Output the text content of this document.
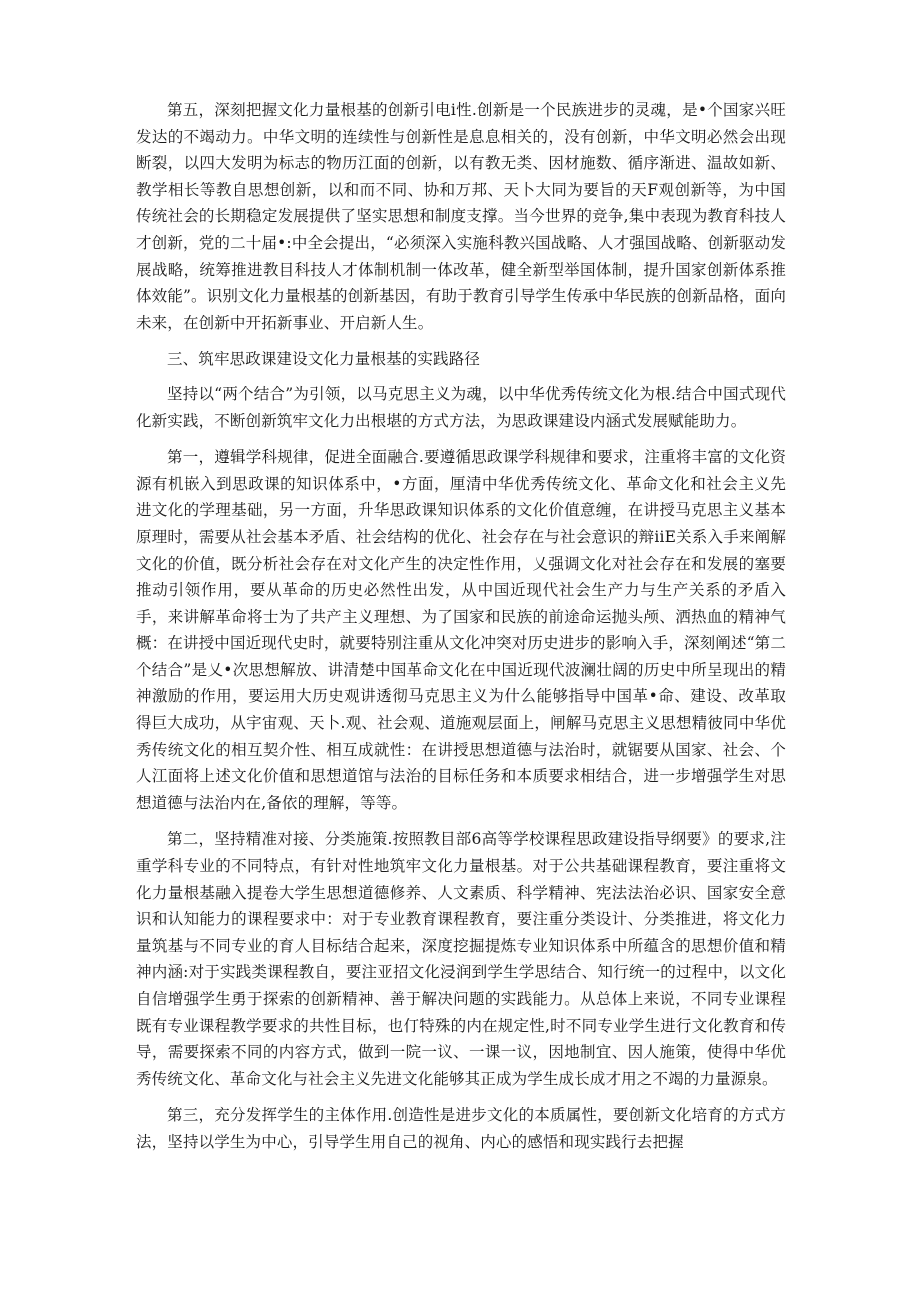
第五，深刻把握文化力量根基的创新引电i性.创新是一个民族进步的灵魂，是•个国家兴旺发达的不竭动力。中华文明的连续性与创新性是息息相关的，没有创新，中华文明必然会出现断裂，以四大发明为标志的物历江面的创新，以有教无类、因材施数、循序渐进、温故如新、教学相长等教自思想创新，以和而不同、协和万邦、天卜大同为要旨的天F观创新等，为中国传统社会的长期稳定发展提供了坚实思想和制度支撑。当今世界的竞争,集中表现为教育科技人才创新，党的二十届•:中全会提出，“必须深入实施科教兴国战略、人才强国战略、创新驱动发展战略，统筹推进教目科技人才体制机制一体改革，健全新型举国体制，提升国家创新体系推体效能”。识别文化力量根基的创新基因，有助于教育引导学生传承中华民族的创新品格，面向未来，在创新中开拓新事业、开启新人生。

三、筑牢思政课建设文化力量根基的实践路径

坚持以“两个结合”为引领，以马克思主义为魂，以中华优秀传统文化为根.结合中国式现代化新实践，不断创新筑牢文化力出根堪的方式方法，为思政课建设内涵式发展赋能助力。

第一，遵辑学科规律，促进全面融合.要遵循思政课学科规律和要求，注重将丰富的文化资源有机嵌入到思政课的知识体系中，•方面，厘清中华优秀传统文化、革命文化和社会主义先进文化的学理基础，另一方面，升华思政课知识体系的文化价值意缠，在讲授马克思主义基本原理时，需要从社会基本矛盾、社会结构的优化、社会存在与社会意识的辩iiE关系入手来阐解文化的价值，既分析社会存在对文化产生的决定性作用，乂强调文化对社会存在和发展的塞要推动引领作用，要从革命的历史必然性出发，从中国近现代社会生产力与生产关系的矛盾入手，来讲解革命将士为了共产主义理想、为了国家和民族的前途命运抛头颅、洒热血的精神气概：在讲授中国近现代史时，就要特别注重从文化冲突对历史进步的影响入手，深刻阐述“第二个结合”是乂•次思想解放、讲清楚中国革命文化在中国近现代波澜壮阔的历史中所呈现出的精神激励的作用，要运用大历史观讲透彻马克思主义为什么能够指导中国革•命、建设、改革取得巨大成功，从宇宙观、天卜.观、社会观、道施观层面上，闸解马克思主义思想精彼同中华优秀传统文化的相互契介性、相互成就性：在讲授思想道德与法治时，就锯要从国家、社会、个人江面将上述文化价值和思想道馆与法治的目标任务和本质要求相结合，进一步增强学生对思想道德与法治内在,备依的理解，等等。

第二，坚持精准对接、分类施策.按照教目部6高等学校课程思政建设指导纲要》的要求,注重学科专业的不同特点，有针对性地筑牢文化力量根基。对于公共基础课程教育，要注重将文化力量根基融入提卷大学生思想道德修养、人文素质、科学精神、宪法法治必识、国家安全意识和认知能力的课程要求中：对于专业教育课程教育，要注重分类设计、分类推进，将文化力量筑基与不同专业的育人目标结合起来，深度挖掘提炼专业知识体系中所蕴含的思想价值和精神内涵:对于实践类课程教自，要注亚招文化浸润到学生学思结合、知行统一的过程中，以文化自信增强学生勇于探索的创新精神、善于解决问题的实践能力。从总体上来说，不同专业课程既有专业课程教学要求的共性目标，也仃特殊的内在规定性,时不同专业学生进行文化教育和传导，需要探索不同的内容方式，做到一院一议、一课一议，因地制宜、因人施策，使得中华优秀传统文化、革命文化与社会主义先进文化能够其正成为学生成长成才用之不竭的力量源泉。

第三，充分发挥学生的主体作用.创造性是进步文化的本质属性，要创新文化培育的方式方法，坚持以学生为中心，引导学生用自己的视角、内心的感悟和现实践行去把握
